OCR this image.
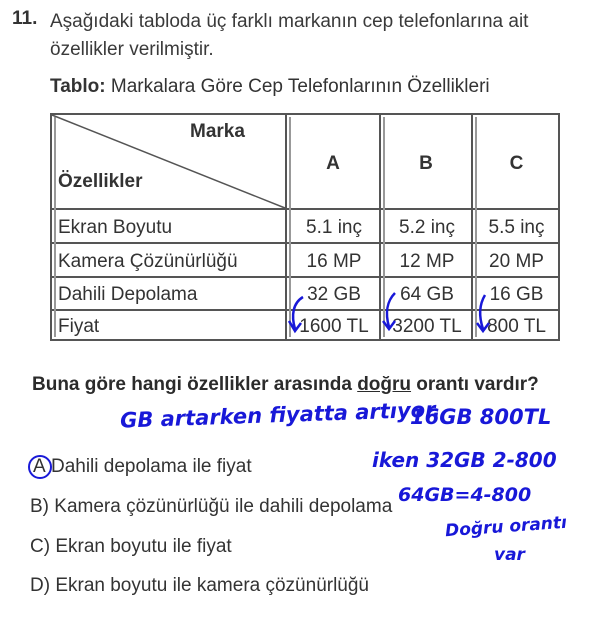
11. Aşağıdaki tabloda üç farklı markanın cep telefonlarına ait özellikler verilmiştir.
Tablo: Markalara Göre Cep Telefonlarının Özellikleri
Marka
Özellikler
A	B	C
Ekran Boyutu	5.1 inç	5.2 inç	5.5 inç
Kamera Çözünürlüğü	16 MP	12 MP	20 MP
Dahili Depolama	32 GB	64 GB	16 GB
Fiyat	1600 TL	3200 TL	800 TL
Buna göre hangi özellikler arasında doğru orantı vardır?
A Dahili depolama ile fiyat
B) Kamera çözünürlüğü ile dahili depolama
C) Ekran boyutu ile fiyat
D) Ekran boyutu ile kamera çözünürlüğü
GB artarken fiyatta artıyor.
16GB 800TL
iken 32GB 2-800
64GB=4-800
Doğru orantı
var
